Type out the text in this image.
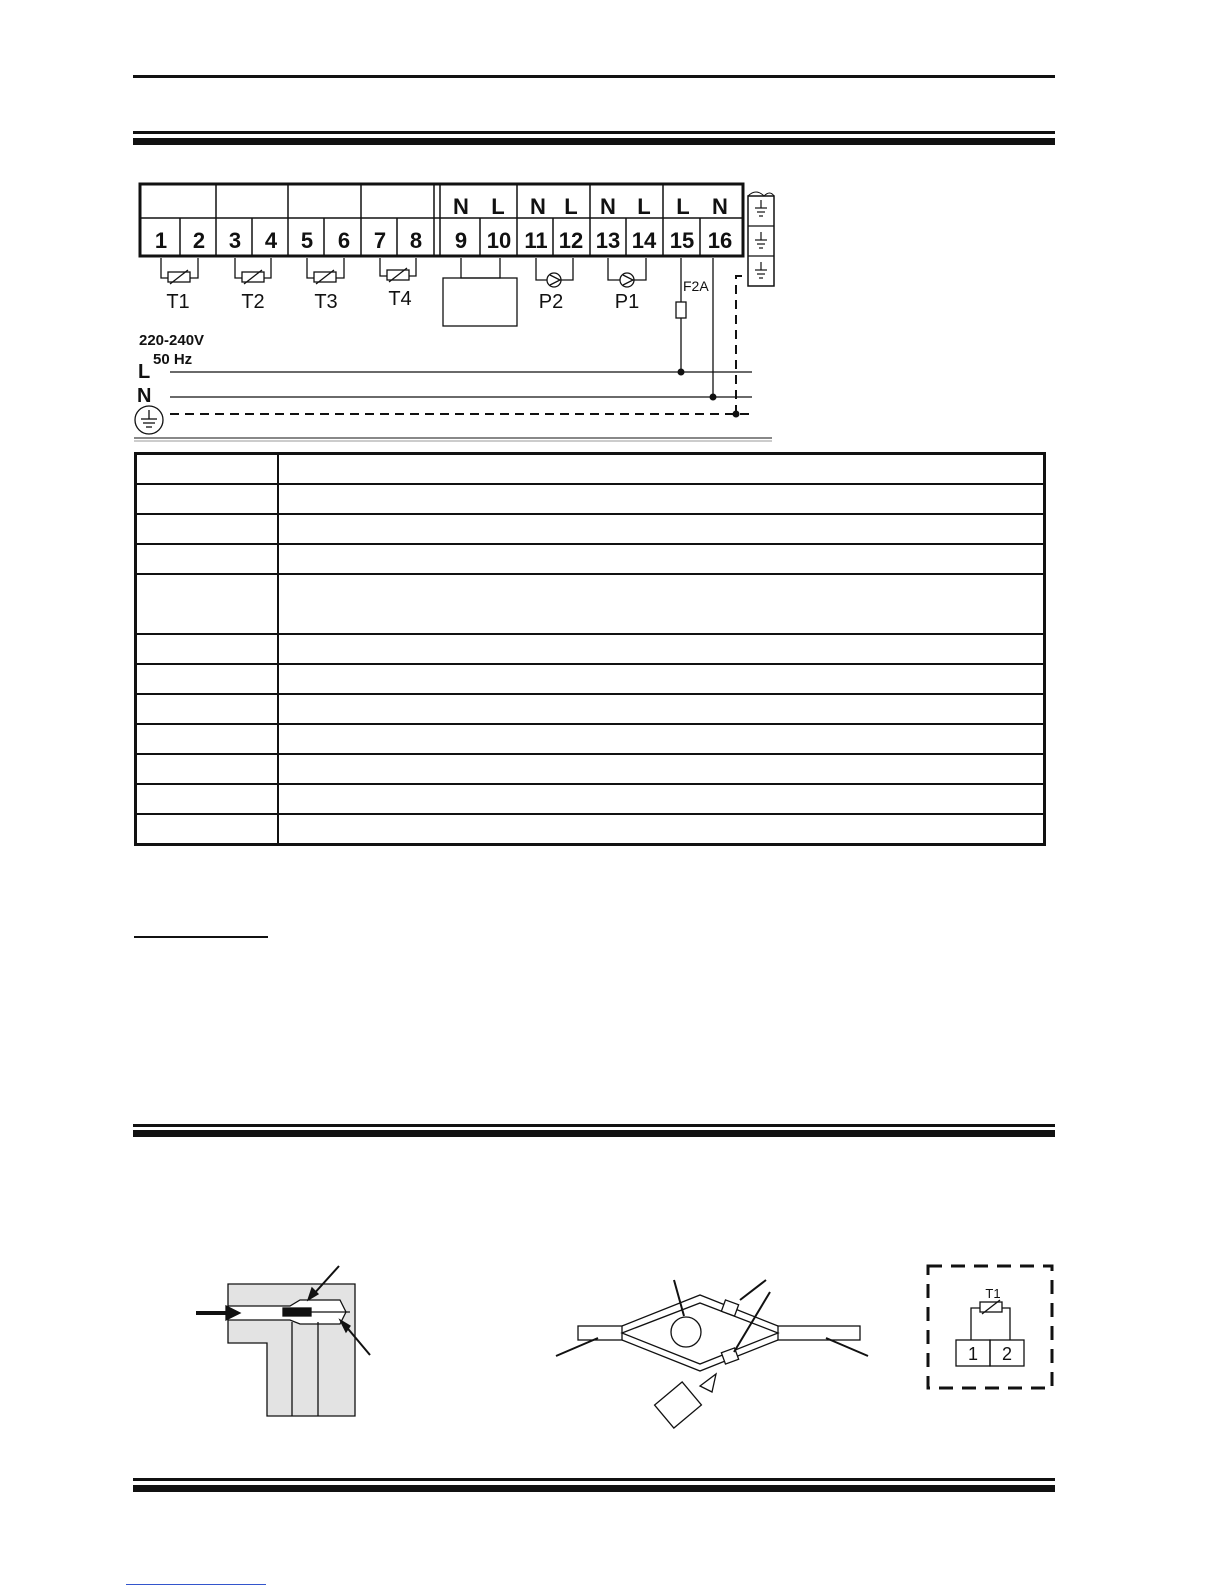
N L N L N L L N
1 2 3 4 5 6 7 8 9 10 11 12 13 14 15 16
T1	T2 T3	T4	P2	P1
F2A
220-240V
50 Hz
L
N

T1
1 2
